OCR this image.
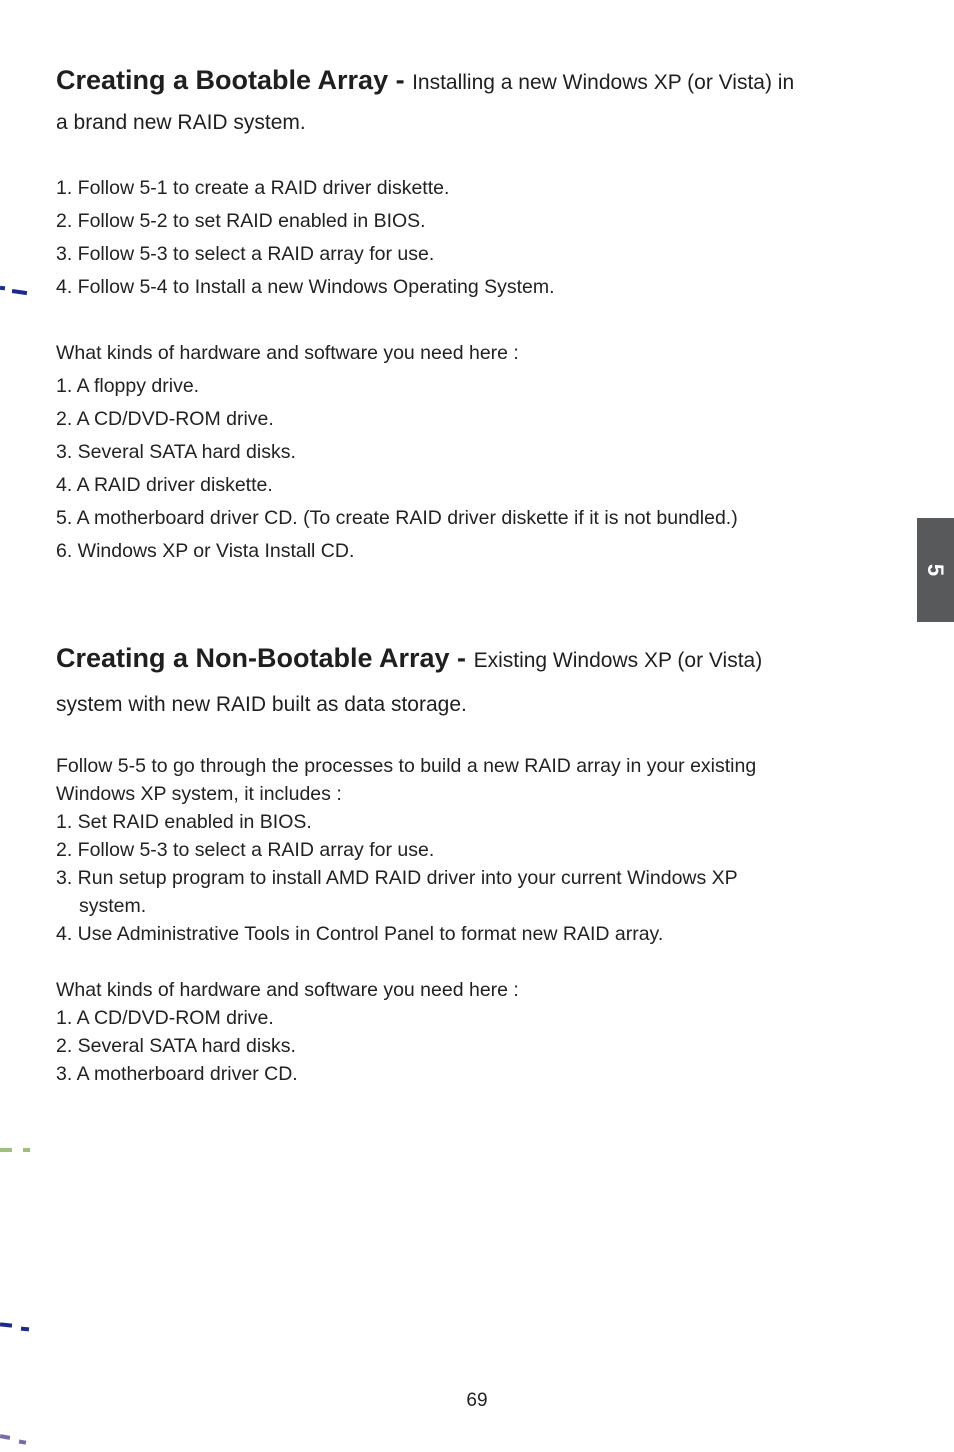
Creating a Bootable Array - Installing a new Windows XP (or Vista) in
a brand new RAID system.
1. Follow 5-1 to create a RAID driver diskette.
2. Follow 5-2 to set RAID enabled in BIOS.
3. Follow 5-3 to select a RAID array for use.
4. Follow 5-4 to Install a new Windows Operating System.
What kinds of hardware and software you need here :
1. A floppy drive.
2. A CD/DVD-ROM drive.
3. Several SATA hard disks.
4. A RAID driver diskette.
5. A motherboard driver CD. (To create RAID driver diskette if it is not bundled.)
6. Windows XP or Vista Install CD.
Creating a Non-Bootable Array - Existing Windows XP (or Vista)
system with new RAID built as data storage.

Follow 5-5 to go through the processes to build a new RAID array in your existing
Windows XP system, it includes :

1. Set RAID enabled in BIOS.
2. Follow 5-3 to select a RAID array for use.
3. Run setup program to install AMD RAID driver into your current Windows XP
system.
4. Use Administrative Tools in Control Panel to format new RAID array.
What kinds of hardware and software you need here :
1. A CD/DVD-ROM drive.
2. Several SATA hard disks.
3. A motherboard driver CD.
5
69
